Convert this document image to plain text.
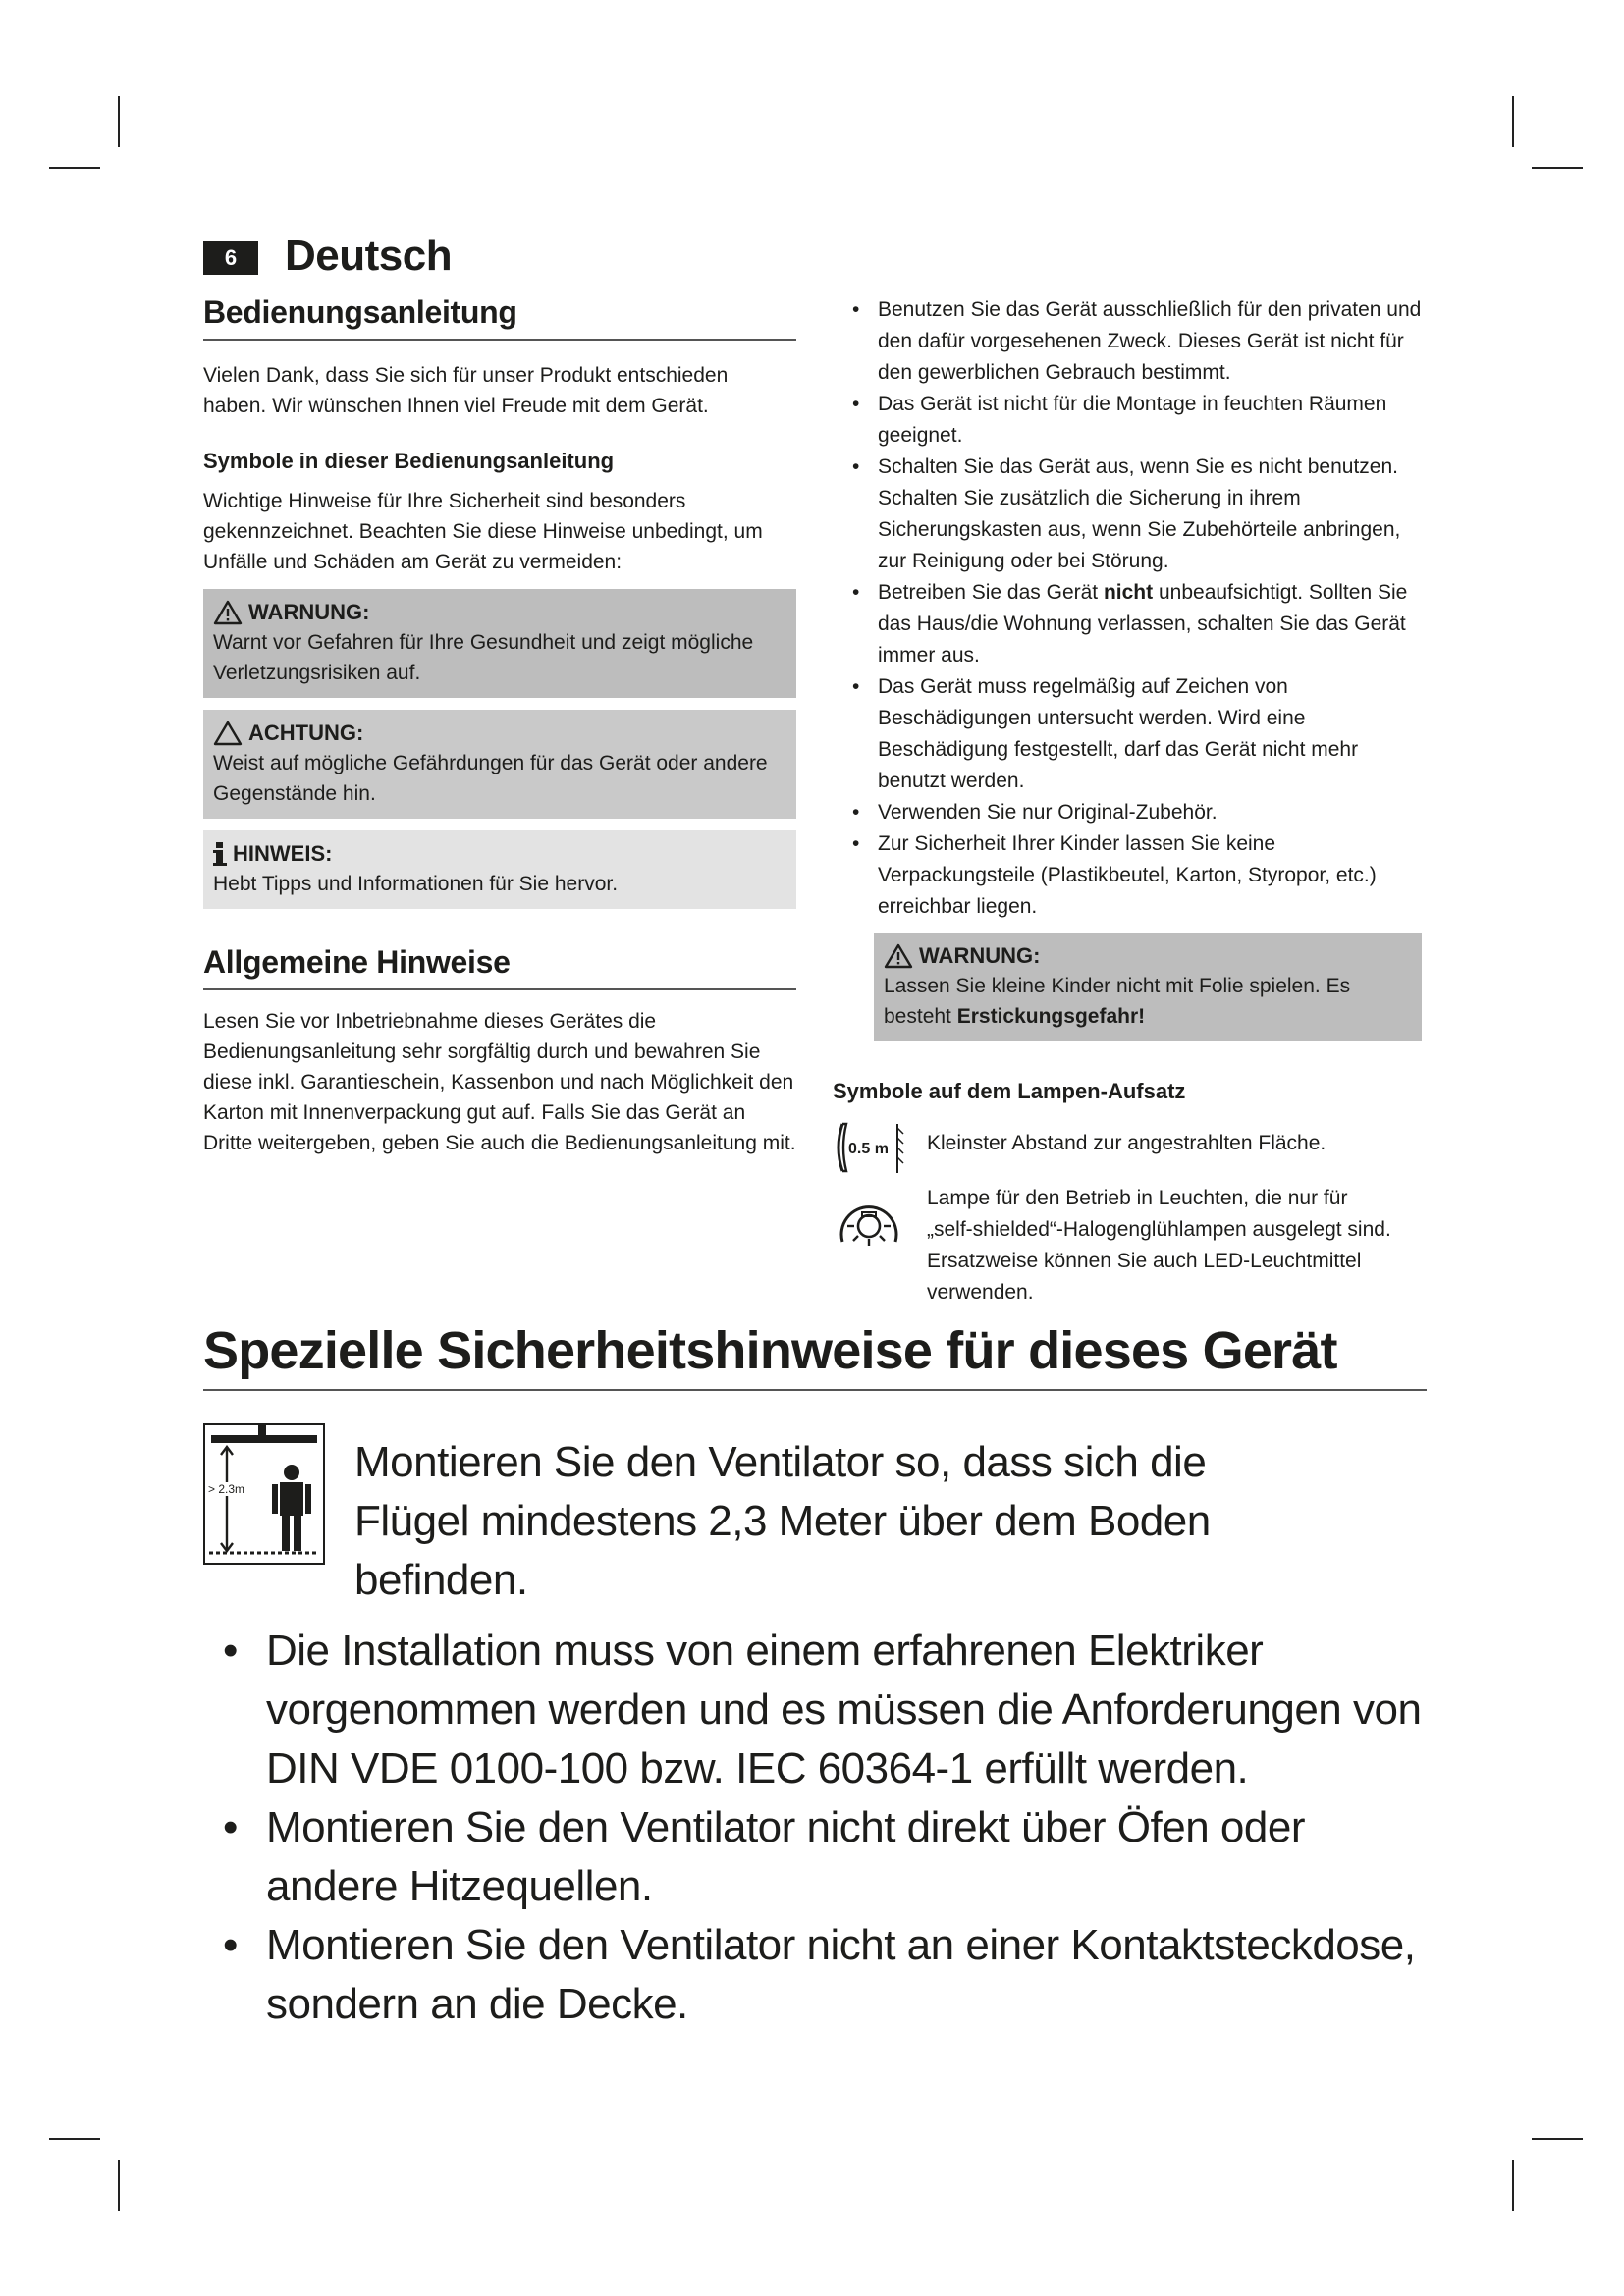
6	Deutsch
Bedienungsanleitung

Vielen Dank, dass Sie sich für unser Produkt entschieden haben. Wir wünschen Ihnen viel Freude mit dem Gerät.

Symbole in dieser Bedienungsanleitung

Wichtige Hinweise für Ihre Sicherheit sind besonders gekennzeichnet. Beachten Sie diese Hinweise unbedingt, um Unfälle und Schäden am Gerät zu vermeiden:

WARNUNG:
Warnt vor Gefahren für Ihre Gesundheit und zeigt mögliche Verletzungsrisiken auf.
ACHTUNG:
Weist auf mögliche Gefährdungen für das Gerät oder andere Gegenstände hin.
HINWEIS:
Hebt Tipps und Informationen für Sie hervor.
Allgemeine Hinweise

Lesen Sie vor Inbetriebnahme dieses Gerätes die Bedienungsanleitung sehr sorgfältig durch und bewahren Sie diese inkl. Garantieschein, Kassenbon und nach Möglichkeit den Karton mit Innenverpackung gut auf. Falls Sie das Gerät an Dritte weitergeben, geben Sie auch die Bedienungsanleitung mit.

• Benutzen Sie das Gerät ausschließlich für den privaten und den dafür vorgesehenen Zweck. Dieses Gerät ist nicht für den gewerblichen Gebrauch bestimmt.
• Das Gerät ist nicht für die Montage in feuchten Räumen geeignet.
• Schalten Sie das Gerät aus, wenn Sie es nicht benutzen. Schalten Sie zusätzlich die Sicherung in ihrem Sicherungskasten aus, wenn Sie Zubehörteile anbringen, zur Reinigung oder bei Störung.
• Betreiben Sie das Gerät nicht unbeaufsichtigt. Sollten Sie das Haus/die Wohnung verlassen, schalten Sie das Gerät immer aus.
• Das Gerät muss regelmäßig auf Zeichen von Beschädigungen untersucht werden. Wird eine Beschädigung festgestellt, darf das Gerät nicht mehr benutzt werden.
• Verwenden Sie nur Original-Zubehör.
• Zur Sicherheit Ihrer Kinder lassen Sie keine Verpackungsteile (Plastikbeutel, Karton, Styropor, etc.) erreichbar liegen.
WARNUNG:
Lassen Sie kleine Kinder nicht mit Folie spielen. Es besteht Erstickungsgefahr!

Symbole auf dem Lampen-Aufsatz

0.5 m Kleinster Abstand zur angestrahlten Fläche.
Lampe für den Betrieb in Leuchten, die nur für „self-shielded“-Halogenglühlampen ausgelegt sind. Ersatzweise können Sie auch LED-Leuchtmittel verwenden.
Spezielle Sicherheitshinweise für dieses Gerät
> 2.3m
Montieren Sie den Ventilator so, dass sich die Flügel mindestens 2,3 Meter über dem Boden befinden.
• Die Installation muss von einem erfahrenen Elektriker vorgenommen werden und es müssen die Anforderungen von DIN VDE 0100-100 bzw. IEC 60364-1 erfüllt werden.
• Montieren Sie den Ventilator nicht direkt über Öfen oder andere Hitzequellen.
• Montieren Sie den Ventilator nicht an einer Kontaktsteckdose, sondern an die Decke.
